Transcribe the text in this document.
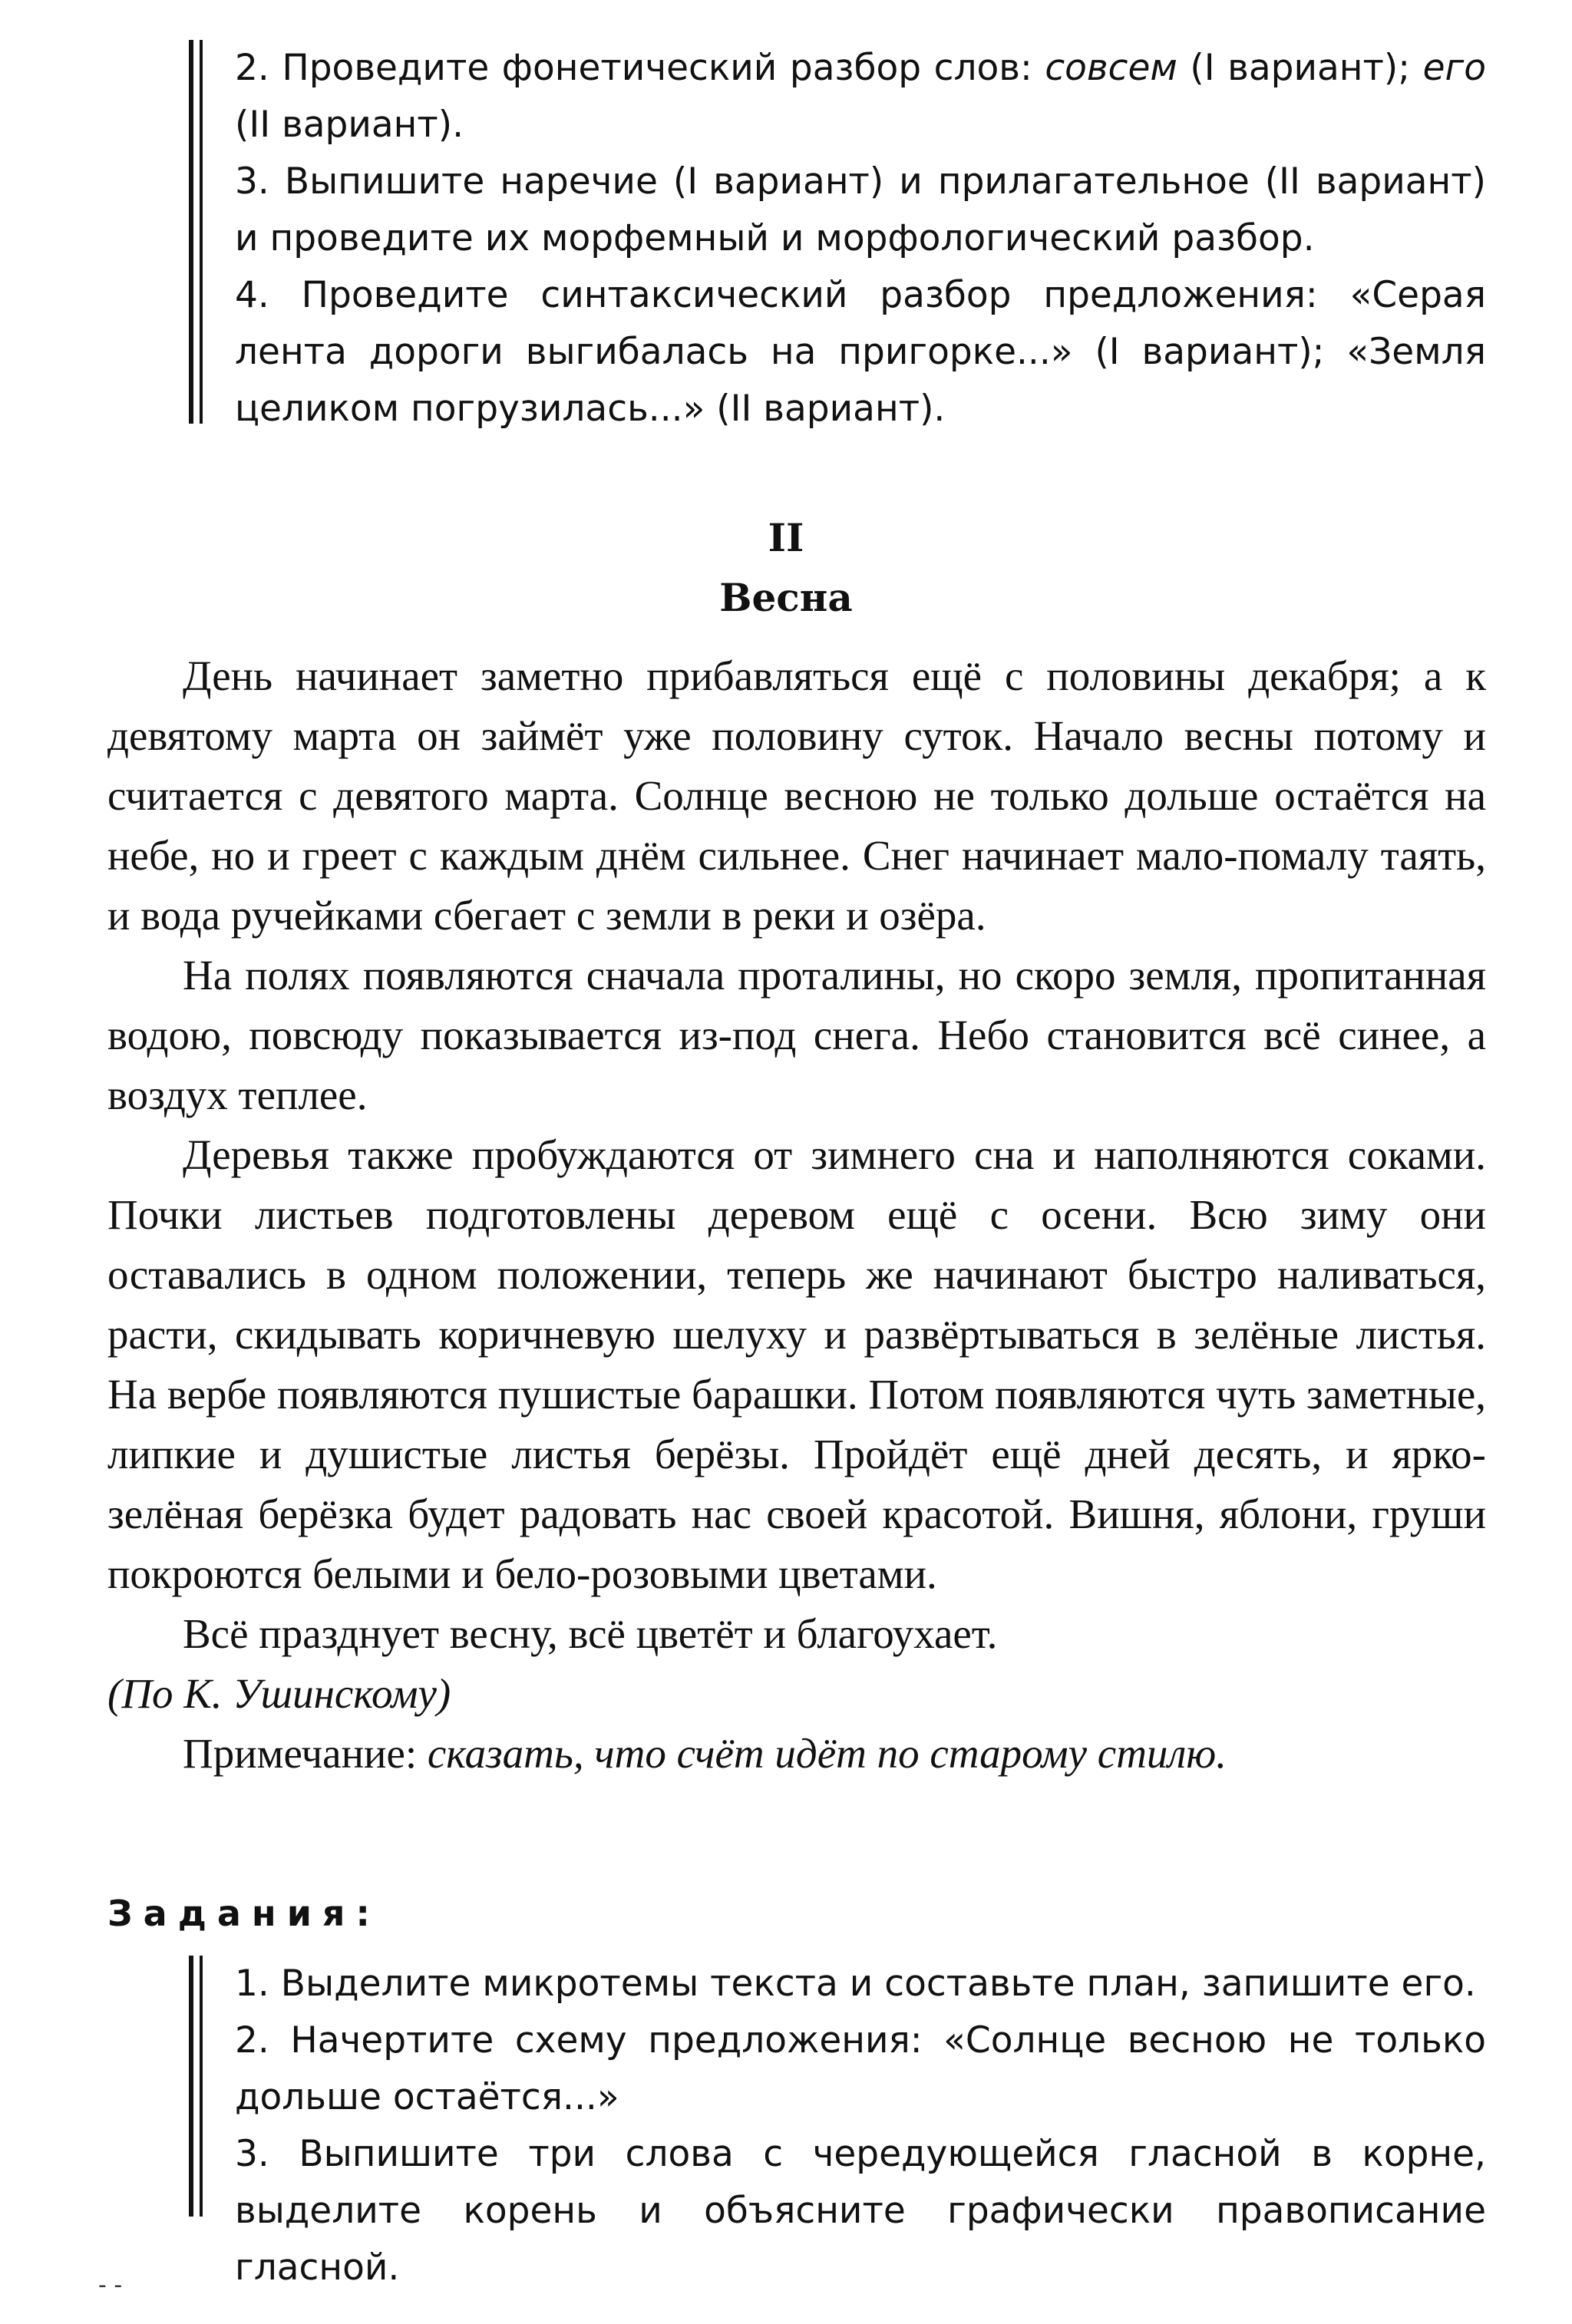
2. Проведите фонетический разбор слов: совсем (I вариант); его (II вариант).
3. Выпишите наречие (I вариант) и прилагательное (II вариант) и проведите их морфемный и морфологический разбор.
4. Проведите синтаксический разбор предложения: «Серая лента дороги выгибалась на пригорке...» (I вариант); «Земля целиком погрузилась...» (II вариант).
II
Весна

День начинает заметно прибавляться ещё с половины декабря; а к девятому марта он займёт уже половину суток. Начало весны потому и считается с девятого марта. Солнце весною не только дольше остаётся на небе, но и греет с каждым днём сильнее. Снег начинает мало-помалу таять, и вода ручейками сбегает с земли в реки и озёра.

На полях появляются сначала проталины, но скоро земля, пропитанная водою, повсюду показывается из-под снега. Небо становится всё синее, а воздух теплее.

Деревья также пробуждаются от зимнего сна и наполняются соками. Почки листьев подготовлены деревом ещё с осени. Всю зиму они оставались в одном положении, теперь же начинают быстро наливаться, расти, скидывать коричневую шелуху и развёртываться в зелёные листья. На вербе появляются пушистые барашки. Потом появляются чуть заметные, липкие и душистые листья берёзы. Пройдёт ещё дней десять, и ярко-зелёная берёзка будет радовать нас своей красотой. Вишня, яблони, груши покроются белыми и бело-розовыми цветами.

Всё празднует весну, всё цветёт и благоухает.

(По К. Ушинскому)

Примечание: сказать, что счёт идёт по старому стилю.

Задания:
1. Выделите микротемы текста и составьте план, запишите его.
2. Начертите схему предложения: «Солнце весною не только дольше остаётся...»
3. Выпишите три слова с чередующейся гласной в корне, выделите корень и объясните графически правописание гласной.
- -
